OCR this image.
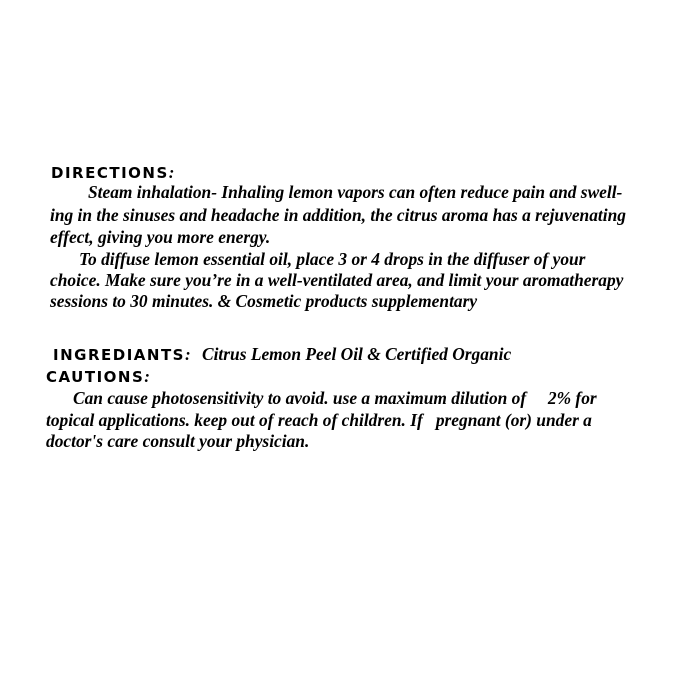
DIRECTIONS:
Steam inhalation- Inhaling lemon vapors can often reduce pain and swell-
ing in the sinuses and headache in addition, the citrus aroma has a rejuvenating
effect, giving you more energy.
To diffuse lemon essential oil, place 3 or 4 drops in the diffuser of your
choice. Make sure you’re in a well-ventilated area, and limit your aromatherapy
sessions to 30 minutes. & Cosmetic products supplementary
INGREDIANTS: Citrus Lemon Peel Oil & Certified Organic
CAUTIONS:
Can cause photosensitivity to avoid. use a maximum dilution of     2% for
topical applications. keep out of reach of children. If   pregnant (or) under a
doctor's care consult your physician.
